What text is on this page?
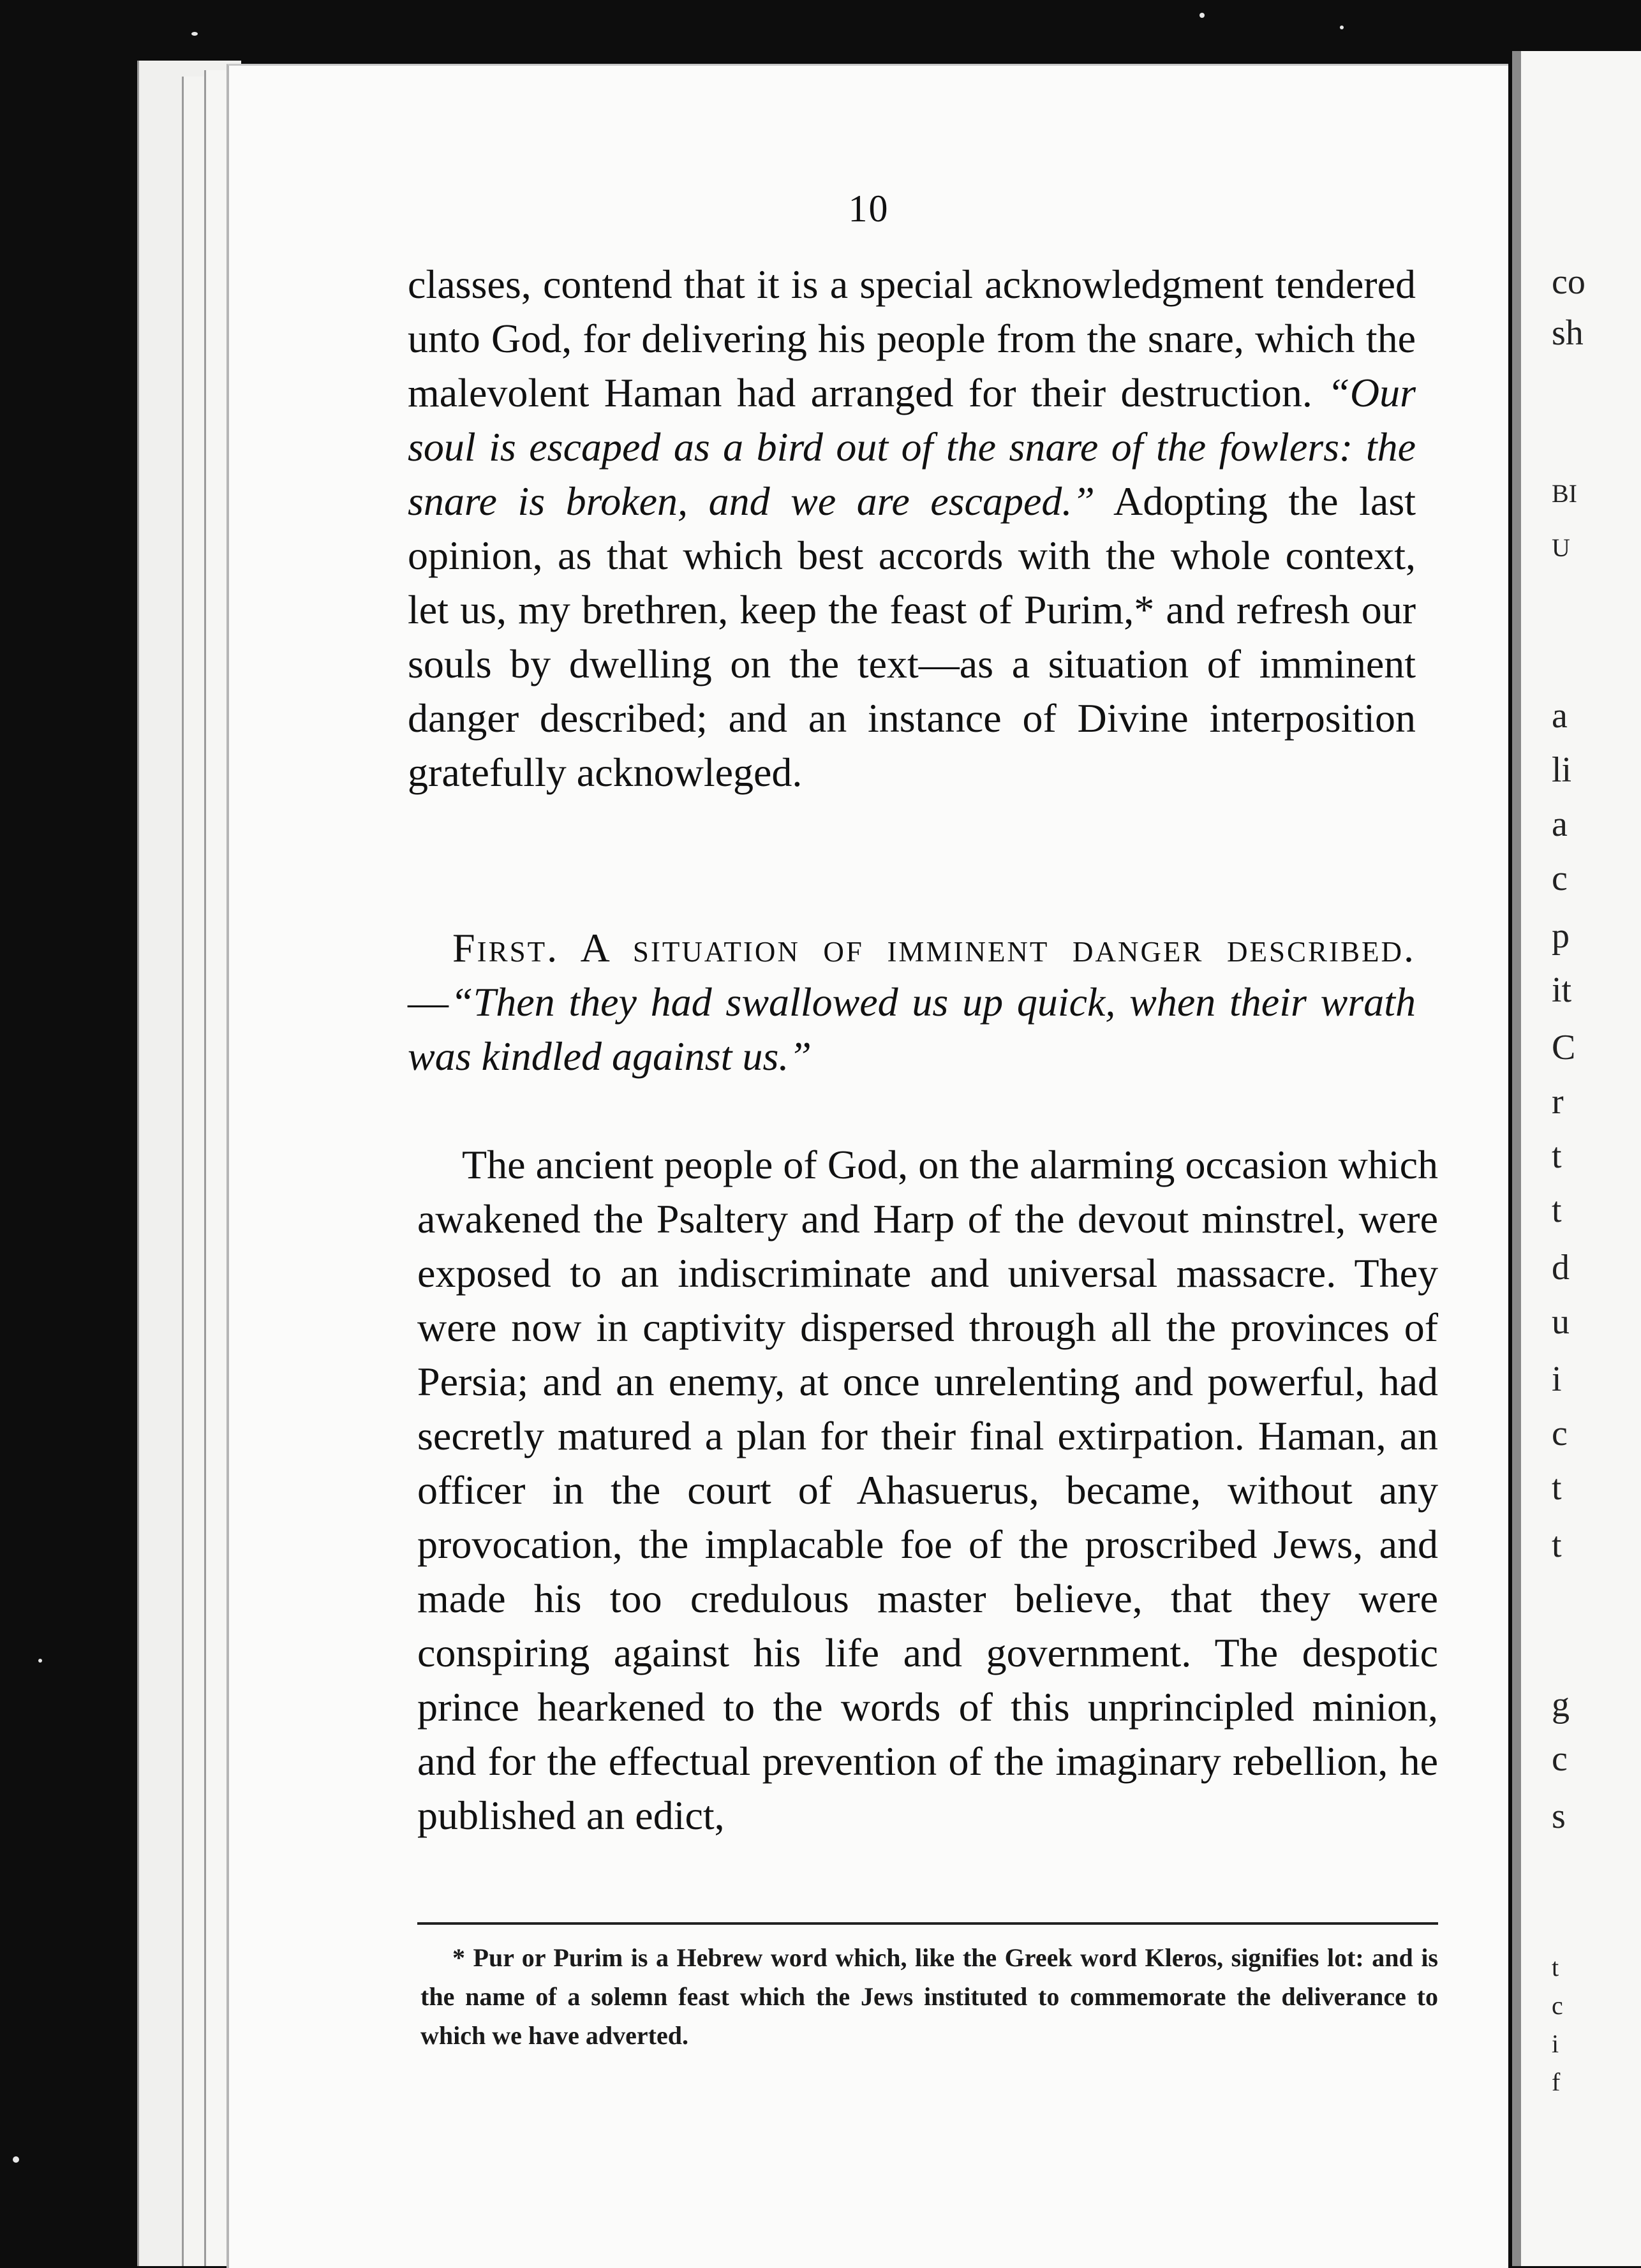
co
sh
BI
U
a
li
a
c
p
it
C
r
t
t
d
u
i
c
t
t
g
c
s
t
c
i
f
10
classes, contend that it is a special acknowledgment tendered unto God, for delivering his people from the snare, which the malevolent Haman had arranged for their destruction. “Our soul is escaped as a bird out of the snare of the fowlers: the snare is broken, and we are escaped.” Adopting the last opinion, as that which best accords with the whole context, let us, my brethren, keep the feast of Purim,* and refresh our souls by dwelling on the text—as a situation of imminent danger described; and an instance of Divine interposition gratefully acknowleged.
First. A situation of imminent danger described.—“Then they had swallowed us up quick, when their wrath was kindled against us.”
The ancient people of God, on the alarming occasion which awakened the Psaltery and Harp of the devout minstrel, were exposed to an indiscriminate and universal massacre. They were now in captivity dispersed through all the provinces of Persia; and an enemy, at once unrelenting and powerful, had secretly matured a plan for their final extirpation. Haman, an officer in the court of Ahasuerus, became, without any provocation, the implacable foe of the proscribed Jews, and made his too credulous master believe, that they were conspiring against his life and government. The despotic prince hearkened to the words of this unprincipled minion, and for the effectual prevention of the imaginary rebellion, he published an edict,
* Pur or Purim is a Hebrew word which, like the Greek word Kleros, signifies lot: and is the name of a solemn feast which the Jews instituted to commemorate the deliverance to which we have adverted.
